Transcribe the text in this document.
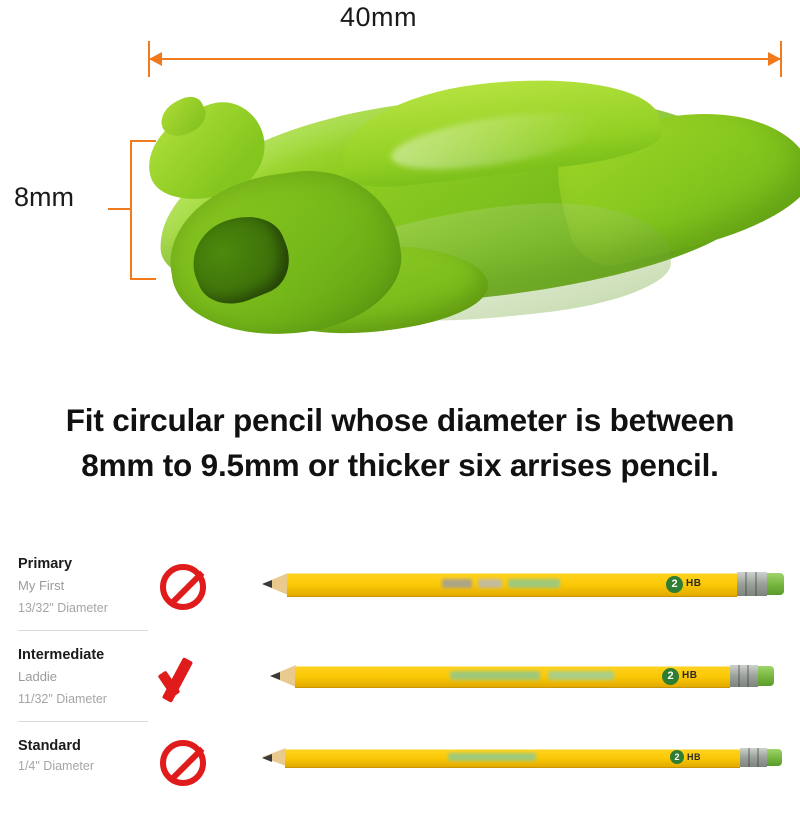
40mm
8mm
Fit circular pencil whose diameter is between
8mm to 9.5mm or thicker six arrises pencil.
Primary
My First
13/32" Diameter
2 HB
Intermediate
Laddie
11/32" Diameter
2 HB
Standard
1/4" Diameter
2 HB
